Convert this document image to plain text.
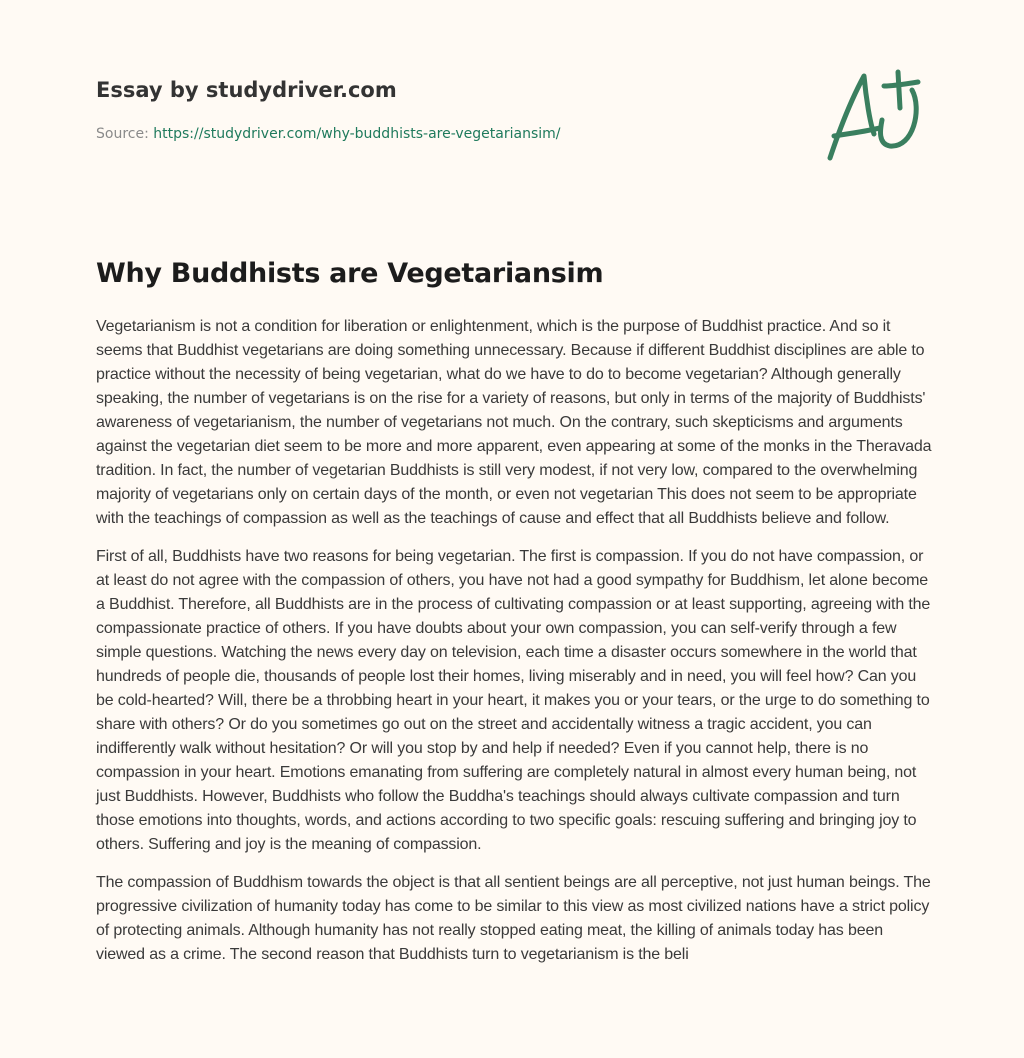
Essay by studydriver.com
Source: https://studydriver.com/why-buddhists-are-vegetariansim/
Why Buddhists are Vegetariansim

Vegetarianism is not a condition for liberation or enlightenment, which is the purpose of Buddhist practice. And so it seems that Buddhist vegetarians are doing something unnecessary. Because if different Buddhist disciplines are able to practice without the necessity of being vegetarian, what do we have to do to become vegetarian? Although generally speaking, the number of vegetarians is on the rise for a variety of reasons, but only in terms of the majority of Buddhists' awareness of vegetarianism, the number of vegetarians not much. On the contrary, such skepticisms and arguments against the vegetarian diet seem to be more and more apparent, even appearing at some of the monks in the Theravada tradition. In fact, the number of vegetarian Buddhists is still very modest, if not very low, compared to the overwhelming majority of vegetarians only on certain days of the month, or even not vegetarian This does not seem to be appropriate with the teachings of compassion as well as the teachings of cause and effect that all Buddhists believe and follow.

First of all, Buddhists have two reasons for being vegetarian. The first is compassion. If you do not have compassion, or at least do not agree with the compassion of others, you have not had a good sympathy for Buddhism, let alone become a Buddhist. Therefore, all Buddhists are in the process of cultivating compassion or at least supporting, agreeing with the compassionate practice of others. If you have doubts about your own compassion, you can self-verify through a few simple questions. Watching the news every day on television, each time a disaster occurs somewhere in the world that hundreds of people die, thousands of people lost their homes, living miserably and in need, you will feel how? Can you be cold-hearted? Will, there be a throbbing heart in your heart, it makes you or your tears, or the urge to do something to share with others? Or do you sometimes go out on the street and accidentally witness a tragic accident, you can indifferently walk without hesitation? Or will you stop by and help if needed? Even if you cannot help, there is no compassion in your heart. Emotions emanating from suffering are completely natural in almost every human being, not just Buddhists. However, Buddhists who follow the Buddha's teachings should always cultivate compassion and turn those emotions into thoughts, words, and actions according to two specific goals: rescuing suffering and bringing joy to others. Suffering and joy is the meaning of compassion.

The compassion of Buddhism towards the object is that all sentient beings are all perceptive, not just human beings. The progressive civilization of humanity today has come to be similar to this view as most civilized nations have a strict policy of protecting animals. Although humanity has not really stopped eating meat, the killing of animals today has been viewed as a crime. The second reason that Buddhists turn to vegetarianism is the beli
